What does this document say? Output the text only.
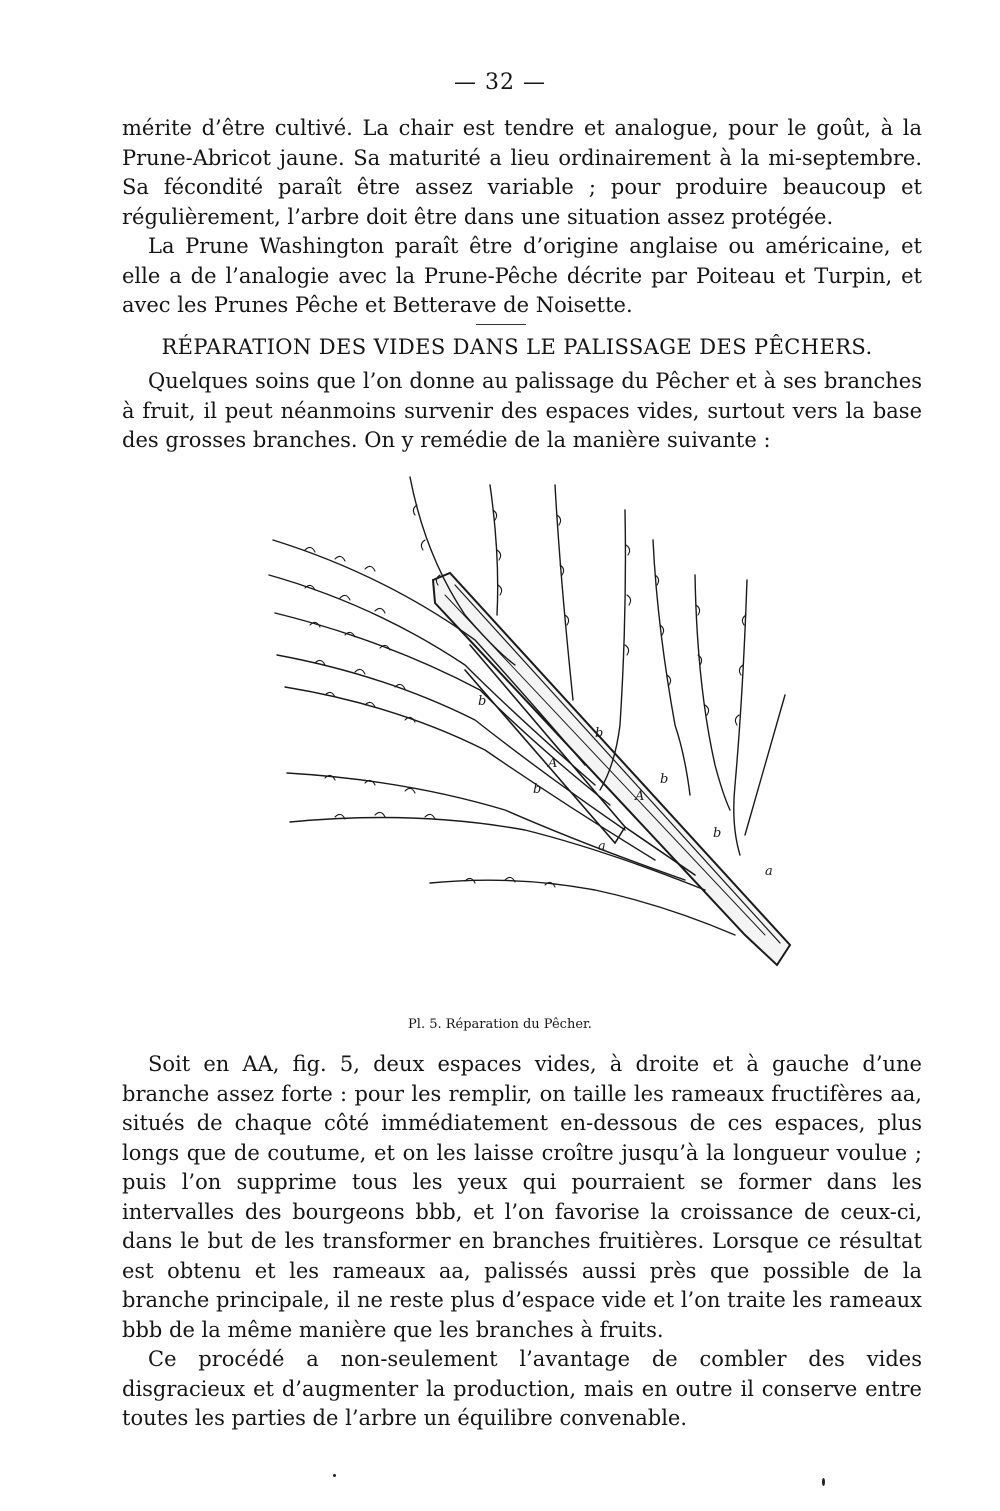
— 32 —

mérite d’être cultivé. La chair est tendre et analogue, pour le goût, à la Prune-Abricot jaune. Sa maturité a lieu ordinairement à la mi-septembre. Sa fécondité paraît être assez variable ; pour produire beaucoup et régulièrement, l’arbre doit être dans une situation assez protégée.

La Prune Washington paraît être d’origine anglaise ou américaine, et elle a de l’analogie avec la Prune-Pêche décrite par Poiteau et Turpin, et avec les Prunes Pêche et Betterave de Noisette.

RÉPARATION DES VIDES DANS LE PALISSAGE DES PÊCHERS.

Quelques soins que l’on donne au palissage du Pêcher et à ses branches à fruit, il peut néanmoins survenir des espaces vides, surtout vers la base des grosses branches. On y remédie de la manière suivante :

A
A
a
a
b
b
b
b
b
Pl. 5. Réparation du Pêcher.

Soit en AA, fig. 5, deux espaces vides, à droite et à gauche d’une branche assez forte : pour les remplir, on taille les rameaux fructifères aa, situés de chaque côté immédiatement en-dessous de ces espaces, plus longs que de coutume, et on les laisse croître jusqu’à la longueur voulue ; puis l’on supprime tous les yeux qui pourraient se former dans les intervalles des bourgeons bbb, et l’on favorise la croissance de ceux-ci, dans le but de les transformer en branches fruitières. Lorsque ce résultat est obtenu et les rameaux aa, palissés aussi près que possible de la branche principale, il ne reste plus d’espace vide et l’on traite les rameaux bbb de la même manière que les branches à fruits.

Ce procédé a non-seulement l’avantage de combler des vides disgracieux et d’augmenter la production, mais en outre il conserve entre toutes les parties de l’arbre un équilibre convenable.
